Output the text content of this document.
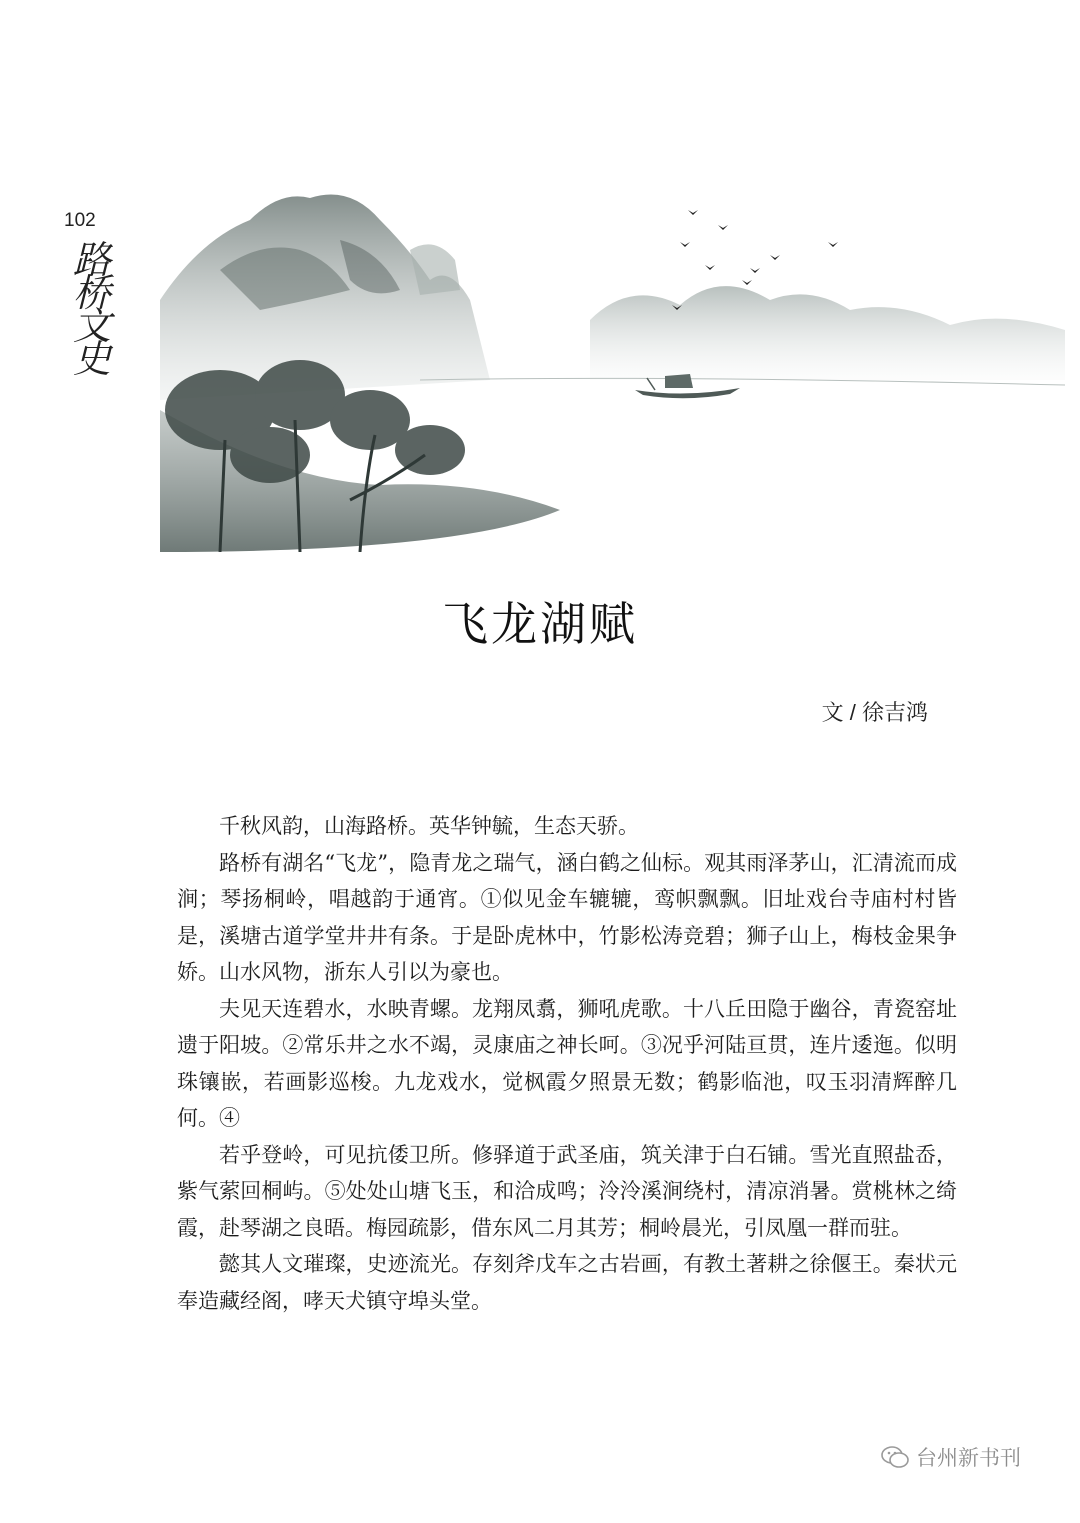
102
路
桥
文
史
飞龙湖赋
文 / 徐吉鸿

千秋风韵，山海路桥。英华钟毓，生态天骄。

路桥有湖名“飞龙”，隐青龙之瑞气，涵白鹤之仙标。观其雨泽茅山，汇清流而成涧；琴扬桐岭，唱越韵于通宵。①似见金车辘辘，鸾帜飘飘。旧址戏台寺庙村村皆是，溪塘古道学堂井井有条。于是卧虎林中，竹影松涛竞碧；狮子山上，梅枝金果争娇。山水风物，浙东人引以为豪也。

夫见天连碧水，水映青螺。龙翔凤翥，狮吼虎歌。十八丘田隐于幽谷，青瓷窑址遗于阳坡。②常乐井之水不竭，灵康庙之神长呵。③况乎河陆亘贯，连片逶迤。似明珠镶嵌，若画影巡梭。九龙戏水，觉枫霞夕照景无数；鹤影临池，叹玉羽清辉醉几何。④

若乎登岭，可见抗倭卫所。修驿道于武圣庙，筑关津于白石铺。雪光直照盐岙，紫气萦回桐屿。⑤处处山塘飞玉，和洽成鸣；泠泠溪涧绕村，清凉消暑。赏桃林之绮霞，赴琴湖之良晤。梅园疏影，借东风二月其芳；桐岭晨光，引凤凰一群而驻。

懿其人文璀璨，史迹流光。存刻斧戊车之古岩画，有教土著耕之徐偃王。秦状元奉造藏经阁，哮天犬镇守埠头堂。

台州新书刊
